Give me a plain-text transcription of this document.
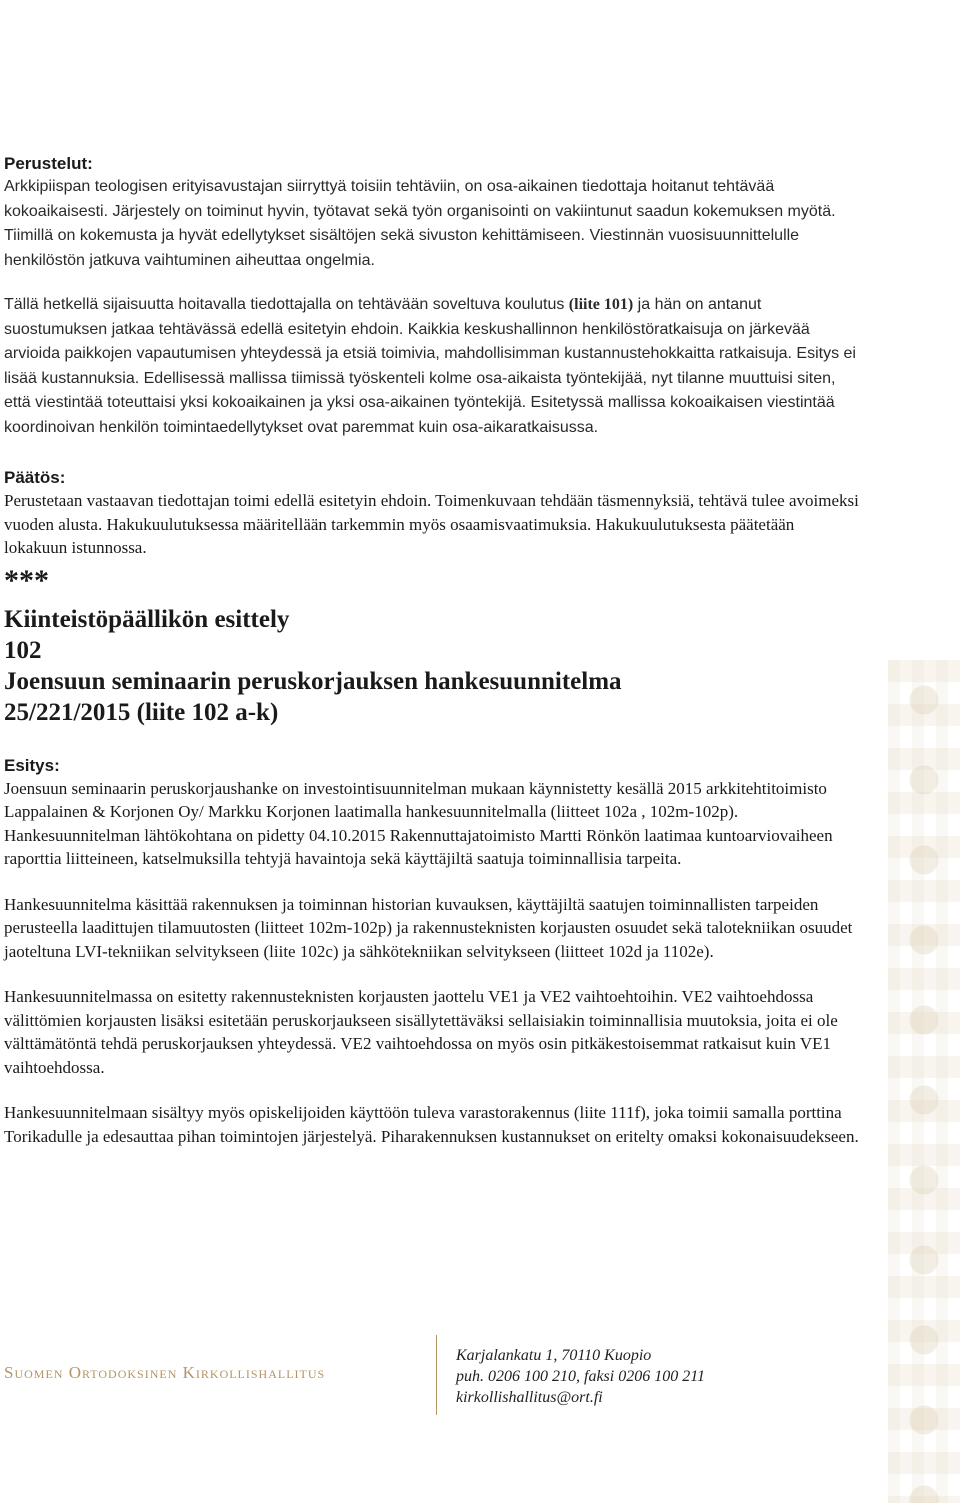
Perustelut:

Arkkipiispan teologisen erityisavustajan siirryttyä toisiin tehtäviin, on osa-aikainen tiedottaja hoitanut tehtävää kokoaikaisesti. Järjestely on toiminut hyvin, työtavat sekä työn organisointi on vakiintunut saadun kokemuksen myötä. Tiimillä on kokemusta ja hyvät edellytykset sisältöjen sekä sivuston kehittämiseen. Viestinnän vuosisuunnittelulle henkilöstön jatkuva vaihtuminen aiheuttaa ongelmia.

Tällä hetkellä sijaisuutta hoitavalla tiedottajalla on tehtävään soveltuva koulutus (liite 101) ja hän on antanut suostumuksen jatkaa tehtävässä edellä esitetyin ehdoin. Kaikkia keskushallinnon henkilöstöratkaisuja on järkevää arvioida paikkojen vapautumisen yhteydessä ja etsiä toimivia, mahdollisimman kustannustehokkaitta ratkaisuja. Esitys ei lisää kustannuksia. Edellisessä mallissa tiimissä työskenteli kolme osa-aikaista työntekijää, nyt tilanne muuttuisi siten, että viestintää toteuttaisi yksi kokoaikainen ja yksi osa-aikainen työntekijä. Esitetyssä mallissa kokoaikaisen viestintää koordinoivan henkilön toimintaedellytykset ovat paremmat kuin osa-aikaratkaisussa.

Päätös:

Perustetaan vastaavan tiedottajan toimi edellä esitetyin ehdoin. Toimenkuvaan tehdään täsmennyksiä, tehtävä tulee avoimeksi vuoden alusta. Hakukuulutuksessa määritellään tarkemmin myös osaamisvaatimuksia. Hakukuulutuksesta päätetään lokakuun istunnossa.

***

Kiinteistöpäällikön esittely

102

Joensuun seminaarin peruskorjauksen hankesuunnitelma

25/221/2015 (liite 102 a-k)

Esitys:

Joensuun seminaarin peruskorjaushanke on investointisuunnitelman mukaan käynnistetty kesällä 2015 arkkitehtitoimisto Lappalainen & Korjonen Oy/ Markku Korjonen laatimalla hankesuunnitelmalla (liitteet 102a , 102m-102p). Hankesuunnitelman lähtökohtana on pidetty 04.10.2015 Rakennuttajatoimisto Martti Rönkön laatimaa kuntoarviovaiheen raporttia liitteineen, katselmuksilla tehtyjä havaintoja sekä käyttäjiltä saatuja toiminnallisia tarpeita.

Hankesuunnitelma käsittää rakennuksen ja toiminnan historian kuvauksen, käyttäjiltä saatujen toiminnallisten tarpeiden perusteella laadittujen tilamuutosten (liitteet 102m-102p) ja rakennusteknisten korjausten osuudet sekä talotekniikan osuudet jaoteltuna LVI-tekniikan selvitykseen (liite 102c) ja sähkötekniikan selvitykseen (liitteet 102d ja 1102e).

Hankesuunnitelmassa on esitetty rakennusteknisten korjausten jaottelu VE1 ja VE2 vaihtoehtoihin. VE2 vaihtoehdossa välittömien korjausten lisäksi esitetään peruskorjaukseen sisällytettäväksi sellaisiakin toiminnallisia muutoksia, joita ei ole välttämätöntä tehdä peruskorjauksen yhteydessä. VE2 vaihtoehdossa on myös osin pitkäkestoisemmat ratkaisut kuin VE1 vaihtoehdossa.

Hankesuunnitelmaan sisältyy myös opiskelijoiden käyttöön tuleva varastorakennus (liite 111f), joka toimii samalla porttina Torikadulle ja edesauttaa pihan toimintojen järjestelyä. Piharakennuksen kustannukset on eritelty omaksi kokonaisuudekseen.

Suomen Ortodoksinen Kirkollishallitus
Karjalankatu 1, 70110 Kuopio
puh. 0206 100 210, faksi 0206 100 211
kirkollishallitus@ort.fi
